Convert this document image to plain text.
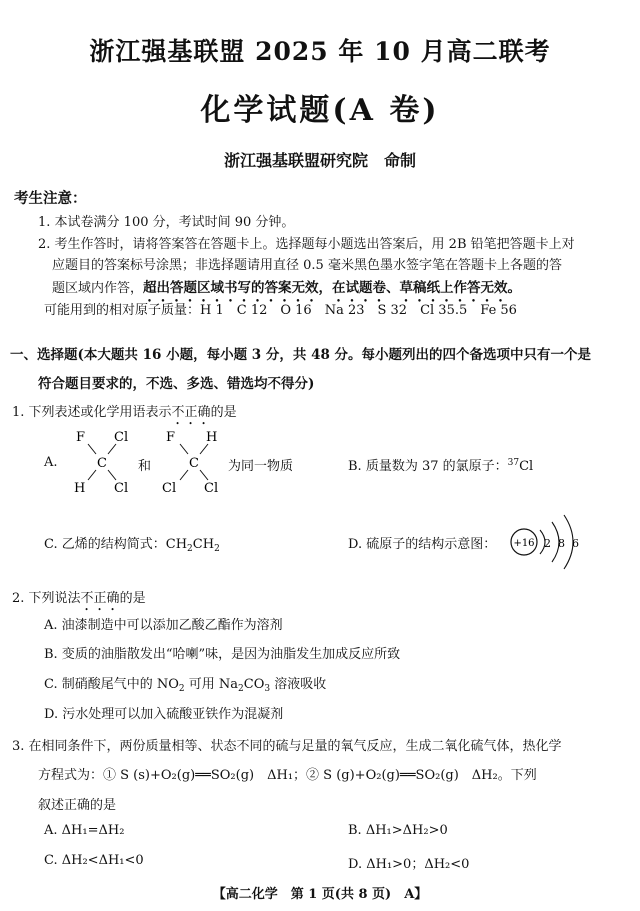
浙江强基联盟 2025 年 10 月高二联考
化学试题(A 卷)
浙江强基联盟研究院　命制
考生注意：
1. 本试卷满分 100 分，考试时间 90 分钟。
2. 考生作答时，请将答案答在答题卡上。选择题每小题选出答案后，用 2B 铅笔把答题卡上对
应题目的答案标号涂黑；非选择题请用直径 0.5 毫米黑色墨水签字笔在答题卡上各题的答
题区域内作答，超出答题区域书写的答案无效，在试题卷、草稿纸上作答无效。
可能用到的相对原子质量：H 1　C 12　O 16　Na 23　S 32　Cl 35.5　Fe 56
一、选择题(本大题共 16 小题，每小题 3 分，共 48 分。每小题列出的四个备选项中只有一个是
符合题目要求的，不选、多选、错选均不得分)
1. 下列表述或化学用语表示不正确的是
A.
F Cl
C
H Cl
和
F H
C
Cl Cl
为同一物质	B. 质量数为 37 的氯原子：$^{37}$Cl
C. 乙烯的结构简式：$CH_2CH_2$	D. 硫原子的结构示意图： +16 2 8 6
2. 下列说法不正确的是
A. 油漆制造中可以添加乙酸乙酯作为溶剂
B. 变质的油脂散发出“哈喇”味，是因为油脂发生加成反应所致
C. 制硝酸尾气中的 $NO_2$ 可用 $Na_2CO_3$ 溶液吸收
D. 污水处理可以加入硫酸亚铁作为混凝剂
3. 在相同条件下，两份质量相等、状态不同的硫与足量的氧气反应，生成二氧化硫气体，热化学
方程式为：① S (s)+O₂(g)══SO₂(g)　ΔH₁；② S (g)+O₂(g)══SO₂(g)　ΔH₂。下列
叙述正确的是
A. ΔH₁=ΔH₂	B. ΔH₁>ΔH₂>0
C. ΔH₂<ΔH₁<0	D. ΔH₁>0；ΔH₂<0
【高二化学　第 1 页(共 8 页)　A】
